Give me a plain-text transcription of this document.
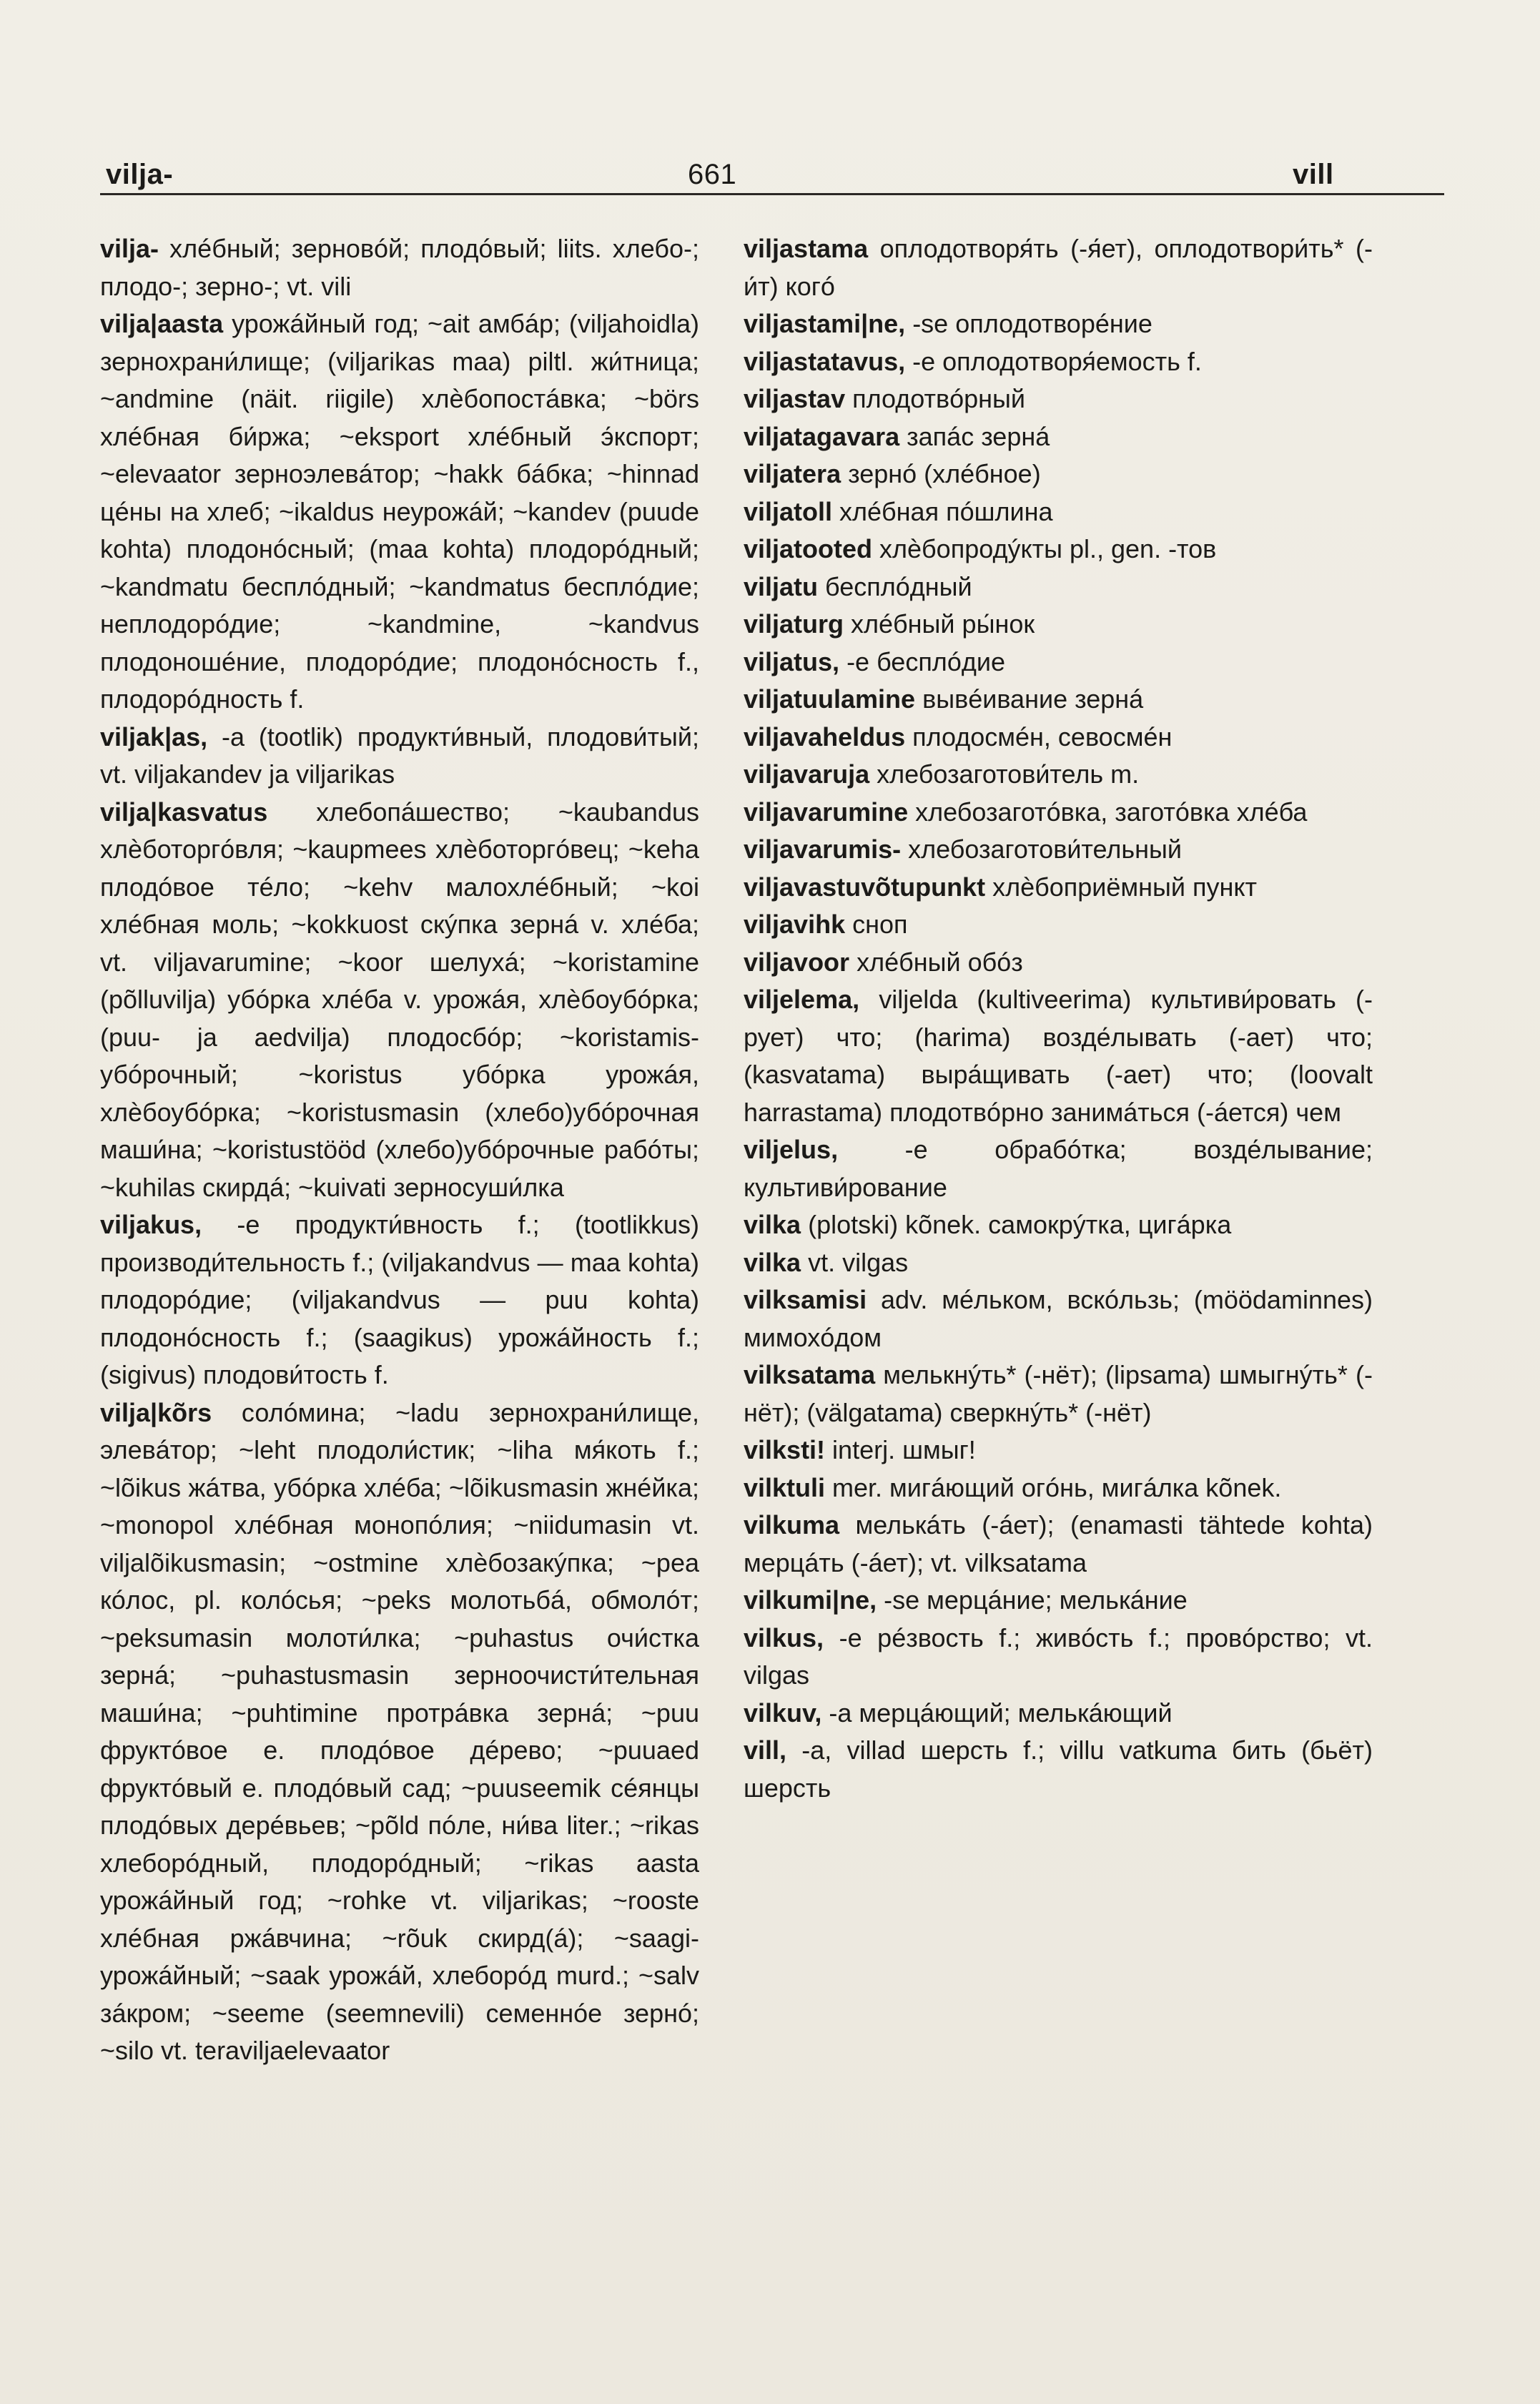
vilja-	661	vill

vilja- хлéбный; зерновóй; плодóвый; liits. хлебо-; плодо-; зерно-; vt. vili

vilja|aasta урожáйный год; ~ait амбáр; (viljahoidla) зернохрани́лище; (viljarikas maa) piltl. жи́тница; ~andmine (näit. riigile) хлѐбопостáвка; ~börs хлéбная би́ржа; ~eksport хлéбный э́кспорт; ~elevaator зерноэлевáтор; ~hakk бáбка; ~hinnad цéны на хлеб; ~ikaldus неурожáй; ~kandev (puude kohta) плодонóсный; (maa kohta) плодорóдный; ~kandmatu бесплóдный; ~kandmatus бесплóдие; неплодорóдие; ~kandmine, ~kandvus плодоношéние, плодорóдие; плодонóсность f., плодорóдность f.

viljak|as, -a (tootlik) продукти́вный, плодови́тый; vt. viljakandev ja viljarikas

vilja|kasvatus хлебопáшество; ~kaubandus хлѐботоргóвля; ~kaupmees хлѐботоргóвец; ~keha плодóвое тéло; ~kehv малохлéбный; ~koi хлéбная моль; ~kokkuost скýпка зернá v. хлéба; vt. viljavarumine; ~koor шелухá; ~koristamine (põlluvilja) убóрка хлéба v. урожáя, хлѐбоубóрка; (puu- ja aedvilja) плодосбóр; ~koristamis- убóрочный; ~koristus убóрка урожáя, хлѐбоубóрка; ~koristusmasin (хлебо)убóрочная маши́на; ~koristustööd (хлебо)убóрочные рабóты; ~kuhilas скирдá; ~kuivati зерносуши́лка

viljakus, -e продукти́вность f.; (tootlikkus) производи́тельность f.; (viljakandvus — maa kohta) плодорóдие; (viljakandvus — puu kohta) плодонóсность f.; (saagikus) урожáйность f.; (sigivus) плодови́тость f.

vilja|kõrs солóмина; ~ladu зернохрани́лище, элевáтор; ~leht плодоли́стик; ~liha мя́коть f.; ~lõikus жáтва, убóрка хлéба; ~lõikusmasin жнéйка; ~monopol хлéбная монопóлия; ~niidumasin vt. viljalõikusmasin; ~ostmine хлѐбозакýпка; ~pea кóлос, pl. колóсья; ~peks молотьбá, обмолóт; ~peksumasin молоти́лка; ~puhastus очи́стка зернá; ~puhastusmasin зерноочисти́тельная маши́на; ~puhtimine протрáвка зернá; ~puu фруктóвое e. плодóвое дéрево; ~puuaed фруктóвый e. плодóвый сад; ~puuseemik сéянцы плодóвых дерéвьев; ~põld пóле, ни́ва liter.; ~rikas хлеборóдный, плодорóдный; ~rikas aasta урожáйный год; ~rohke vt. viljarikas; ~rooste хлéбная ржáвчина; ~rõuk скирд(á); ~saagi- урожáйный; ~saak урожáй, хлеборóд murd.; ~salv зáкром; ~seeme (seemnevili) семеннóе зернó; ~silo vt. teraviljaelevaator

viljastama оплодотворя́ть (-я́ет), оплодотвори́ть* (-и́т) когó

viljastami|ne, -se оплодотворéние

viljastatavus, -e оплодотворя́емость f.

viljastav плодотвóрный

viljatagavara запáс зернá

viljatera зернó (хлéбное)

viljatoll хлéбная пóшлина

viljatooted хлѐбопродýкты pl., gen. -тов

viljatu бесплóдный

viljaturg хлéбный ры́нок

viljatus, -e бесплóдие

viljatuulamine вывéивание зернá

viljavaheldus плодосмéн, севосмéн

viljavaruja хлебозаготови́тель m.

viljavarumine хлебозаготóвка, заготóвка хлéба

viljavarumis- хлебозаготови́тельный

viljavastuvõtupunkt хлѐбоприёмный пункт

viljavihk сноп

viljavoor хлéбный обóз

viljelema, viljelda (kultiveerima) культиви́ровать (-рует) что; (harima) возде́лывать (-ает) что; (kasvatama) выра́щивать (-ает) что; (loovalt harrastama) плодотвóрно занимáться (-áется) чем

viljelus, -e обрабóтка; возде́лывание; культиви́рование

vilka (plotski) kõnek. самокрýтка, цигáрка

vilka vt. vilgas

vilksamisi adv. мéльком, вскóльзь; (möödaminnes) мимохóдом

vilksatama мелькнýть* (-нёт); (lipsama) шмыгнýть* (-нёт); (välgatama) сверкнýть* (-нёт)

vilksti! interj. шмыг!

vilktuli mer. мигáющий огóнь, мигáлка kõnek.

vilkuma мелькáть (-áет); (enamasti tähtede kohta) мерцáть (-áет); vt. vilksatama

vilkumi|ne, -se мерцáние; мелькáние

vilkus, -e рéзвость f.; живóсть f.; провóрство; vt. vilgas

vilkuv, -a мерцáющий; мелькáющий

vill, -a, villad шерсть f.; villu vatkuma бить (бьёт) шерсть
